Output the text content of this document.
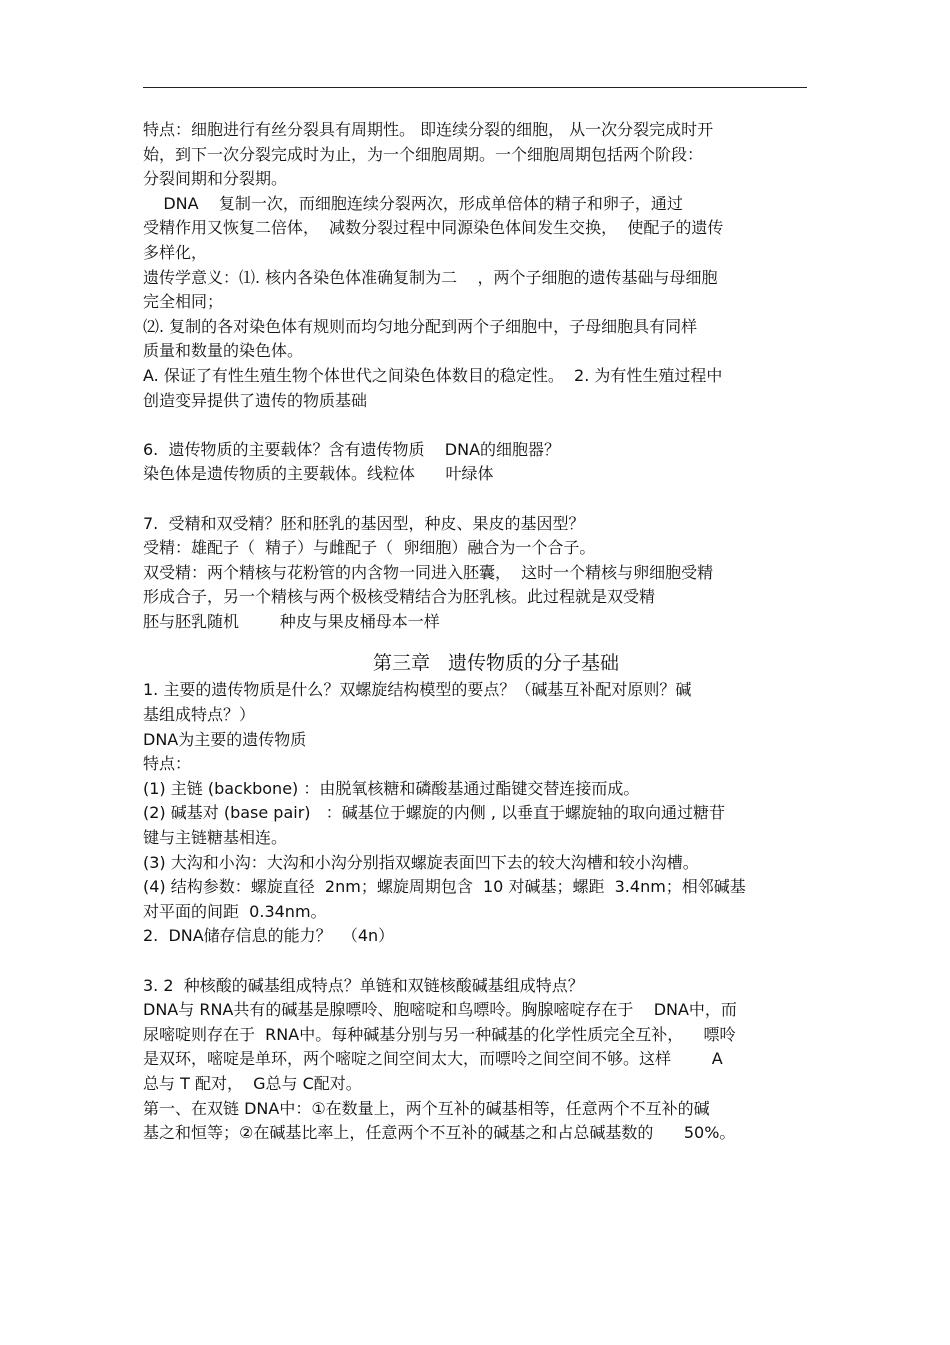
特点：细胞进行有丝分裂具有周期性。 即连续分裂的细胞， 从一次分裂完成时开
始，到下一次分裂完成时为止，为一个细胞周期。一个细胞周期包括两个阶段：
分裂间期和分裂期。
DNA    复制一次，而细胞连续分裂两次，形成单倍体的精子和卵子，通过
受精作用又恢复二倍体，  减数分裂过程中同源染色体间发生交换，  使配子的遗传
多样化，
遗传学意义：⑴. 核内各染色体准确复制为二    ，两个子细胞的遗传基础与母细胞
完全相同；
⑵. 复制的各对染色体有规则而均匀地分配到两个子细胞中，子母细胞具有同样
质量和数量的染色体。
A. 保证了有性生殖生物个体世代之间染色体数目的稳定性。  2. 为有性生殖过程中
创造变异提供了遗传的物质基础
6.  遗传物质的主要载体？含有遗传物质    DNA的细胞器？
染色体是遗传物质的主要载体。线粒体      叶绿体
7.  受精和双受精？胚和胚乳的基因型，种皮、果皮的基因型？
受精：雄配子（  精子）与雌配子（  卵细胞）融合为一个合子。
双受精：两个精核与花粉管的内含物一同进入胚囊，  这时一个精核与卵细胞受精
形成合子，另一个精核与两个极核受精结合为胚乳核。此过程就是双受精
胚与胚乳随机        种皮与果皮桶母本一样
第三章   遗传物质的分子基础
1. 主要的遗传物质是什么？双螺旋结构模型的要点？（碱基互补配对原则？碱
基组成特点？）
DNA为主要的遗传物质
特点：
(1) 主链 (backbone) ：由脱氧核糖和磷酸基通过酯键交替连接而成。
(2) 碱基对 (base pair)   ：碱基位于螺旋的内侧 , 以垂直于螺旋轴的取向通过糖苷
键与主链糖基相连。
(3) 大沟和小沟：大沟和小沟分别指双螺旋表面凹下去的较大沟槽和较小沟槽。
(4) 结构参数：螺旋直径  2nm；螺旋周期包含  10 对碱基；螺距  3.4nm；相邻碱基
对平面的间距  0.34nm。
2.  DNA储存信息的能力？  （4n）
3. 2  种核酸的碱基组成特点？单链和双链核酸碱基组成特点？
DNA与 RNA共有的碱基是腺嘌呤、胞嘧啶和鸟嘌呤。胸腺嘧啶存在于    DNA中，而
尿嘧啶则存在于  RNA中。每种碱基分别与另一种碱基的化学性质完全互补，    嘌呤
是双环，嘧啶是单环，两个嘧啶之间空间太大，而嘌呤之间空间不够。这样        A
总与 T 配对，  G总与 C配对。
第一、在双链 DNA中：①在数量上，两个互补的碱基相等，任意两个不互补的碱
基之和恒等；②在碱基比率上，任意两个不互补的碱基之和占总碱基数的      50%。
